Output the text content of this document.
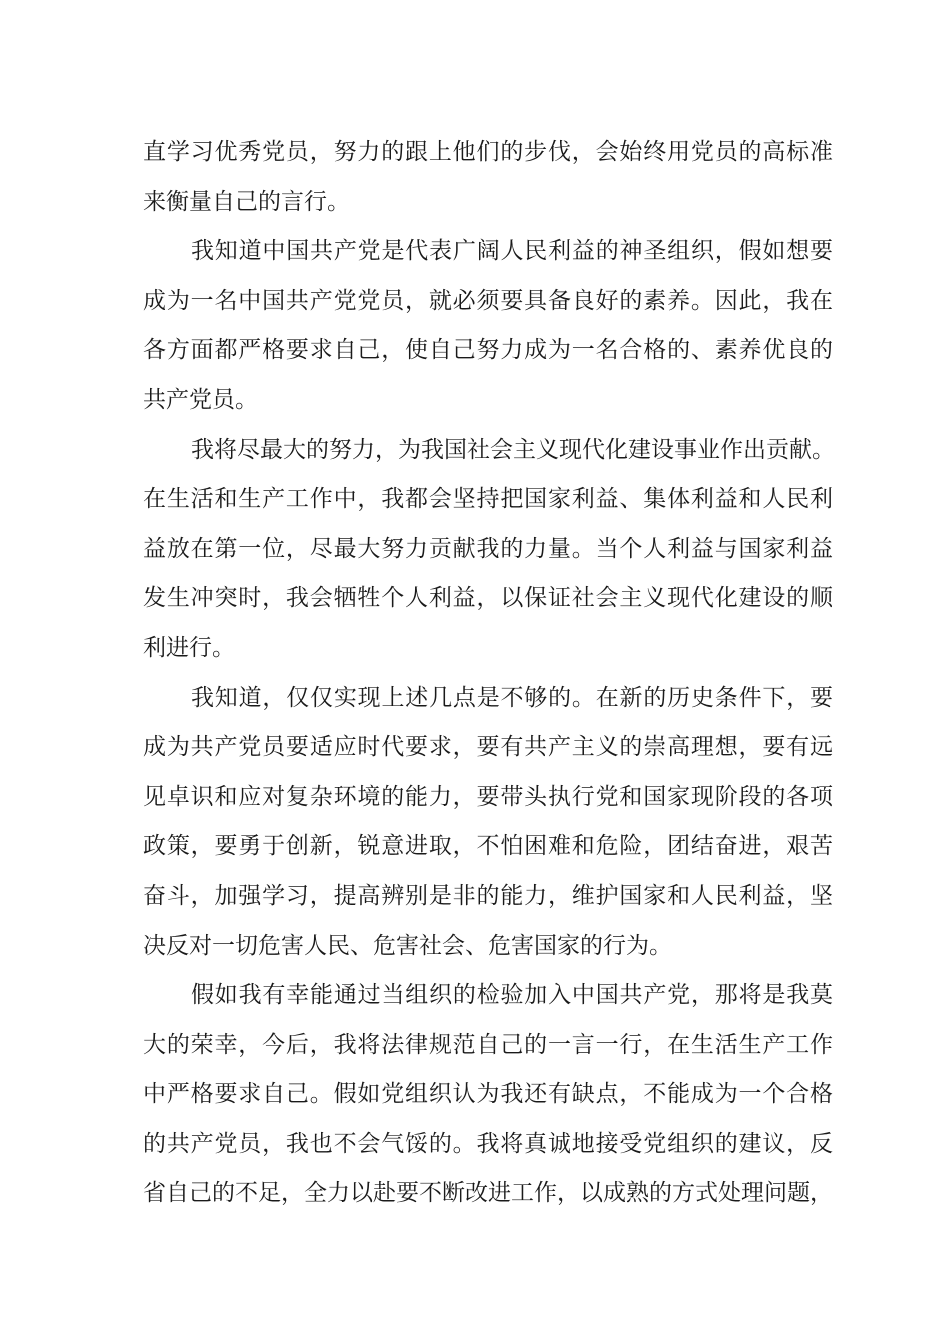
直学习优秀党员，努力的跟上他们的步伐，会始终用党员的高标准
来衡量自己的言行。
我知道中国共产党是代表广阔人民利益的神圣组织，假如想要
成为一名中国共产党党员，就必须要具备良好的素养。因此，我在
各方面都严格要求自己，使自己努力成为一名合格的、素养优良的
共产党员。
我将尽最大的努力，为我国社会主义现代化建设事业作出贡献。
在生活和生产工作中，我都会坚持把国家利益、集体利益和人民利
益放在第一位，尽最大努力贡献我的力量。当个人利益与国家利益
发生冲突时，我会牺牲个人利益，以保证社会主义现代化建设的顺
利进行。
我知道，仅仅实现上述几点是不够的。在新的历史条件下，要
成为共产党员要适应时代要求，要有共产主义的崇高理想，要有远
见卓识和应对复杂环境的能力，要带头执行党和国家现阶段的各项
政策，要勇于创新，锐意进取，不怕困难和危险，团结奋进，艰苦
奋斗，加强学习，提高辨别是非的能力，维护国家和人民利益，坚
决反对一切危害人民、危害社会、危害国家的行为。
假如我有幸能通过当组织的检验加入中国共产党，那将是我莫
大的荣幸，今后，我将法律规范自己的一言一行，在生活生产工作
中严格要求自己。假如党组织认为我还有缺点，不能成为一个合格
的共产党员，我也不会气馁的。我将真诚地接受党组织的建议，反
省自己的不足，全力以赴要不断改进工作，以成熟的方式处理问题，
